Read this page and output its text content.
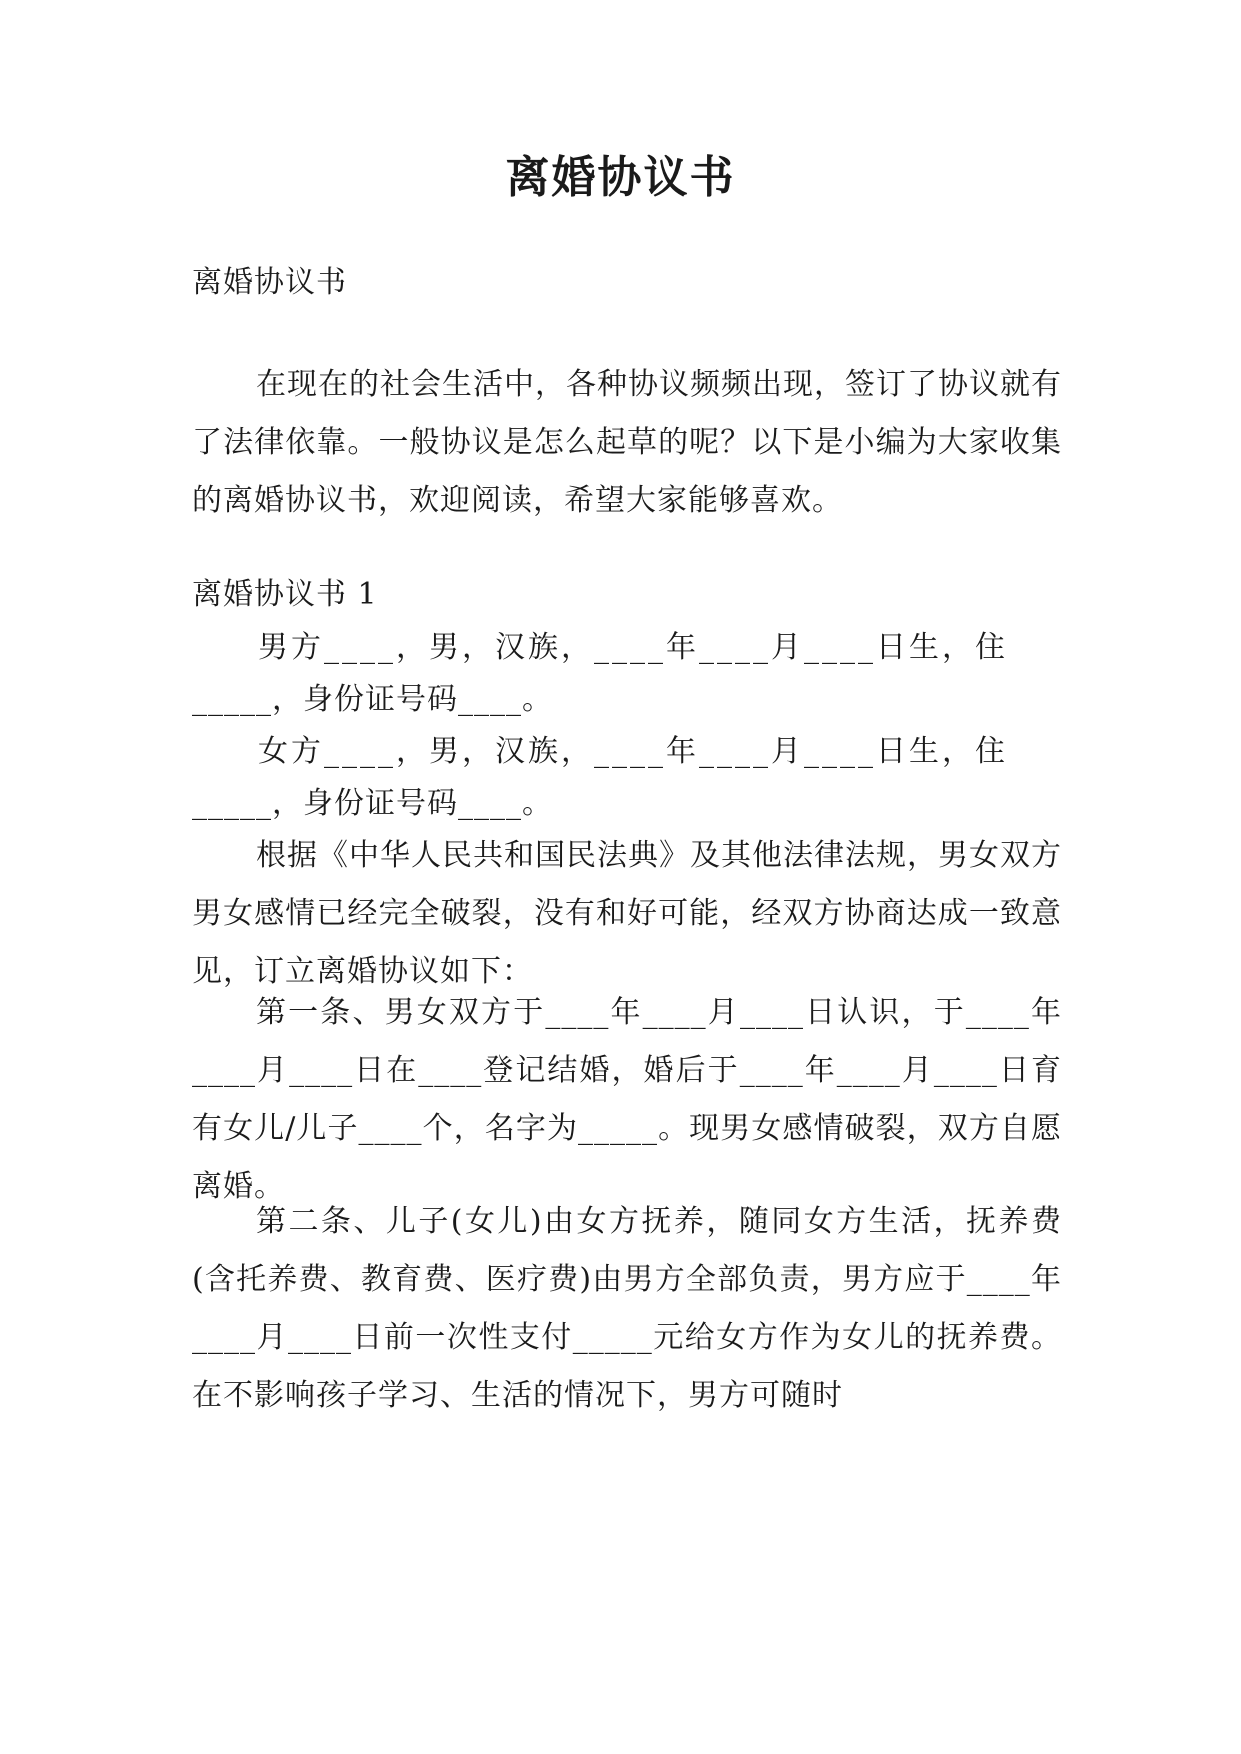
离婚协议书

离婚协议书

在现在的社会生活中，各种协议频频出现，签订了协议就有了法律依靠。一般协议是怎么起草的呢？以下是小编为大家收集的离婚协议书，欢迎阅读，希望大家能够喜欢。

离婚协议书 1

男方____，男，汉族，____年____月____日生，住

_____，身份证号码____。

女方____，男，汉族，____年____月____日生，住

_____，身份证号码____。

根据《中华人民共和国民法典》及其他法律法规，男女双方男女感情已经完全破裂，没有和好可能，经双方协商达成一致意见，订立离婚协议如下：

第一条、男女双方于____年____月____日认识，于____年____月____日在____登记结婚，婚后于____年____月____日育有女儿/儿子____个，名字为_____。现男女感情破裂，双方自愿离婚。

第二条、儿子(女儿)由女方抚养，随同女方生活，抚养费(含托养费、教育费、医疗费)由男方全部负责，男方应于____年____月____日前一次性支付_____元给女方作为女儿的抚养费。在不影响孩子学习、生活的情况下，男方可随时
